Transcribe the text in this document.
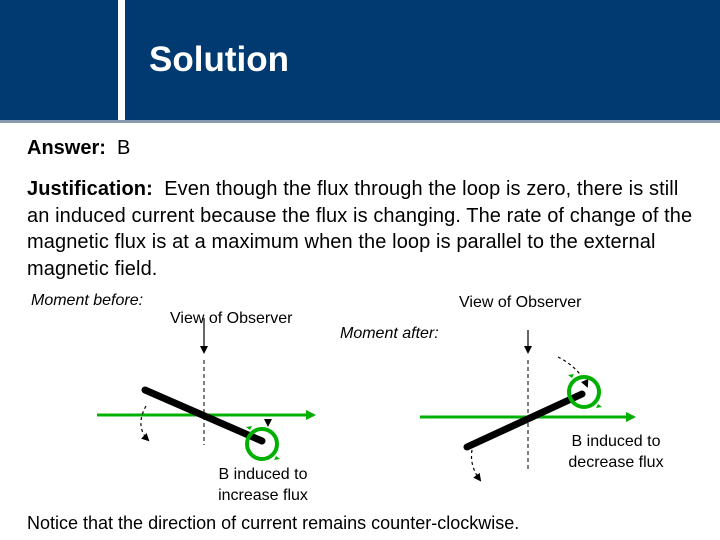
Solution

Answer: B

Justification: Even though the flux through the loop is zero, there is still an induced current because the flux is changing. The rate of change of the magnetic flux is at a maximum when the loop is parallel to the external magnetic field.

Moment before:
View of Observer
B induced to
increase flux
View of Observer
Moment after:
B induced to
decrease flux

Notice that the direction of current remains counter-clockwise.
